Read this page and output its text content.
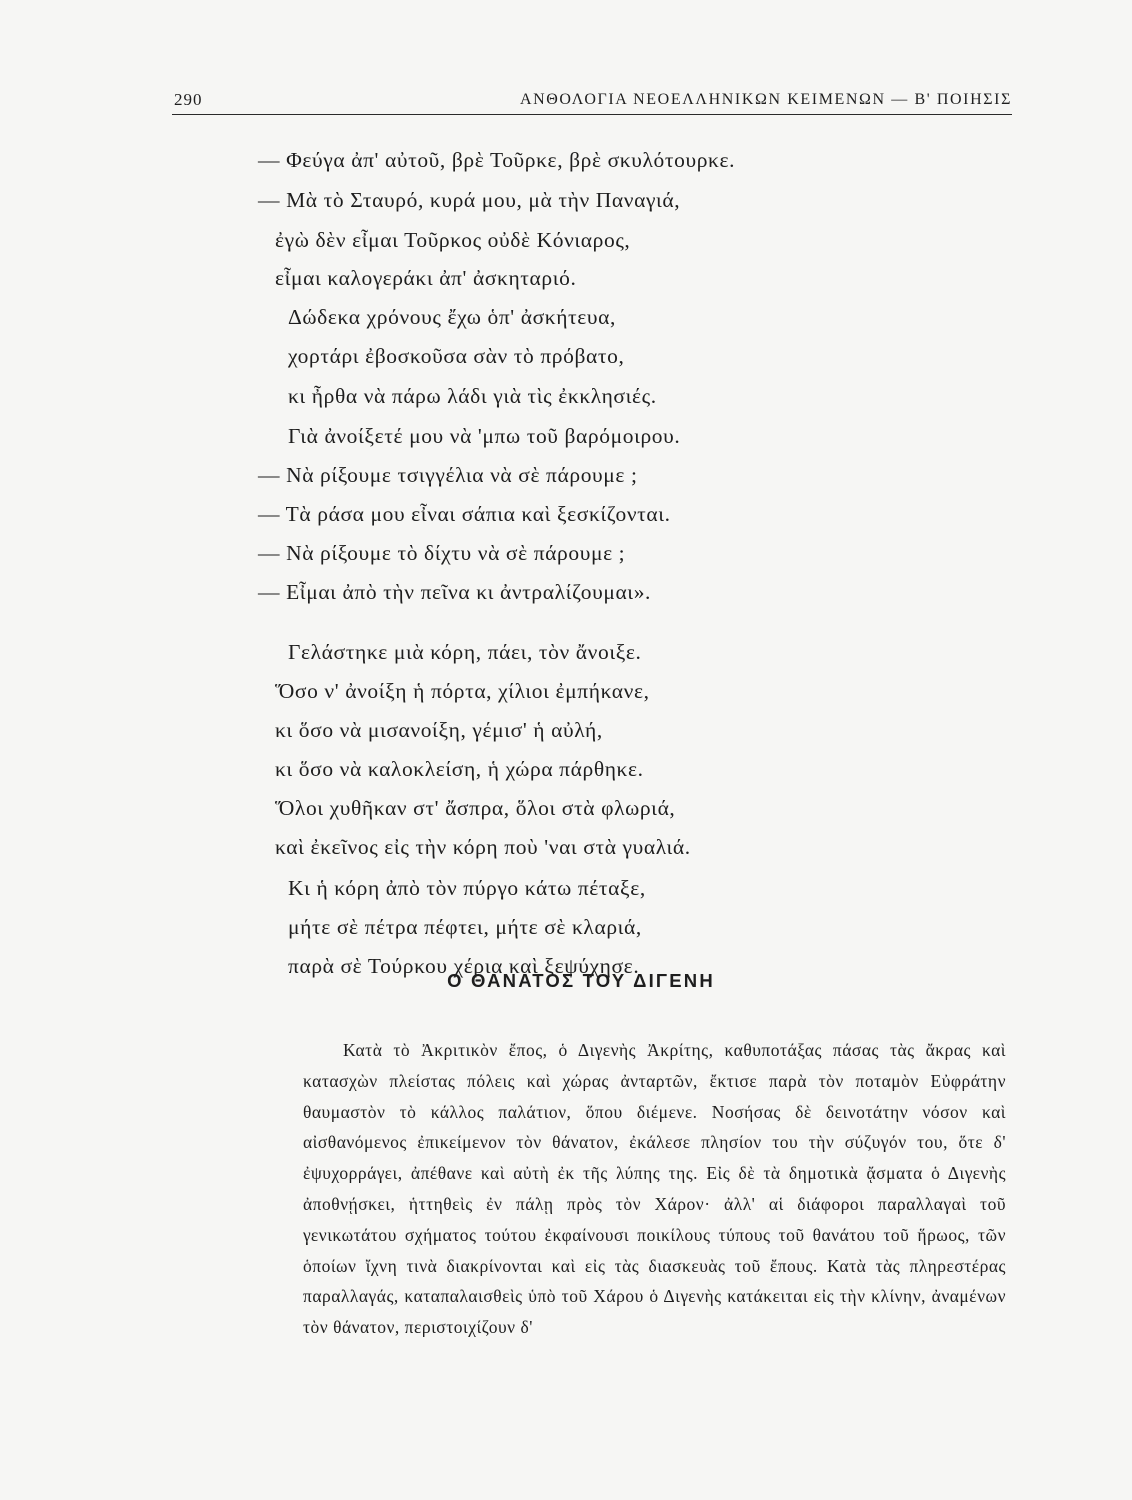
290	ΑΝΘΟΛΟΓΙΑ ΝΕΟΕΛΛΗΝΙΚΩΝ ΚΕΙΜΕΝΩΝ — Β' ΠΟΙΗΣΙΣ
— Φεύγα ἀπ' αὐτοῦ, βρὲ Τοῦρκε, βρὲ σκυλότουρκε.
— Μὰ τὸ Σταυρό, κυρά μου, μὰ τὴν Παναγιά,
ἐγὼ δὲν εἶμαι Τοῦρκος οὐδὲ Κόνιαρος,
εἶμαι καλογεράκι ἀπ' ἀσκηταριό.
Δώδεκα χρόνους ἔχω ὁπ' ἀσκήτευα,
χορτάρι ἐβοσκοῦσα σὰν τὸ πρόβατο,
κι ἦρθα νὰ πάρω λάδι γιὰ τὶς ἐκκλησιές.
Γιὰ ἀνοίξετέ μου νὰ 'μπω τοῦ βαρόμοιρου.
— Νὰ ρίξουμε τσιγγέλια νὰ σὲ πάρουμε ;
— Τὰ ράσα μου εἶναι σάπια καὶ ξεσκίζονται.
— Νὰ ρίξουμε τὸ δίχτυ νὰ σὲ πάρουμε ;
— Εἶμαι ἀπὸ τὴν πεῖνα κι ἀντραλίζουμαι».
Γελάστηκε μιὰ κόρη, πάει, τὸν ἄνοιξε.
Ὅσο ν' ἀνοίξη ἡ πόρτα, χίλιοι ἐμπήκανε,
κι ὅσο νὰ μισανοίξη, γέμισ' ἡ αὐλή,
κι ὅσο νὰ καλοκλείση, ἡ χώρα πάρθηκε.
Ὅλοι χυθῆκαν στ' ἄσπρα, ὅλοι στὰ φλωριά,
καὶ ἐκεῖνος εἰς τὴν κόρη ποὺ 'ναι στὰ γυαλιά.
Κι ἡ κόρη ἀπὸ τὸν πύργο κάτω πέταξε,
μήτε σὲ πέτρα πέφτει, μήτε σὲ κλαριά,
παρὰ σὲ Τούρκου χέρια καὶ ξεψύχησε.
Ο ΘΑΝΑΤΟΣ ΤΟΥ ΔΙΓΕΝΗ

Κατὰ τὸ Ἀκριτικὸν ἔπος, ὁ Διγενὴς Ἀκρίτης, καθυποτάξας πάσας τὰς ἄκρας καὶ κατασχὼν πλείστας πόλεις καὶ χώρας ἀνταρτῶν, ἔκτισε παρὰ τὸν ποταμὸν Εὐφράτην θαυμαστὸν τὸ κάλλος παλάτιον, ὅπου διέμενε. Νοσήσας δὲ δεινοτάτην νόσον καὶ αἰσθανόμενος ἐπικείμενον τὸν θάνατον, ἐκάλεσε πλησίον του τὴν σύζυγόν του, ὅτε δ' ἐψυχορράγει, ἀπέθανε καὶ αὐτὴ ἐκ τῆς λύπης της. Εἰς δὲ τὰ δημοτικὰ ᾄσματα ὁ Διγενὴς ἀποθνῄσκει, ἡττηθεὶς ἐν πάλῃ πρὸς τὸν Χάρον· ἀλλ' αἱ διάφοροι παραλλαγαὶ τοῦ γενικωτάτου σχήματος τούτου ἐκφαίνουσι ποικίλους τύπους τοῦ θανάτου τοῦ ἥρωος, τῶν ὁποίων ἴχνη τινὰ διακρίνονται καὶ εἰς τὰς διασκευὰς τοῦ ἔπους. Κατὰ τὰς πληρεστέρας παραλλαγάς, καταπαλαισθεὶς ὑπὸ τοῦ Χάρου ὁ Διγενὴς κατάκειται εἰς τὴν κλίνην, ἀναμένων τὸν θάνατον, περιστοιχίζουν δ'
